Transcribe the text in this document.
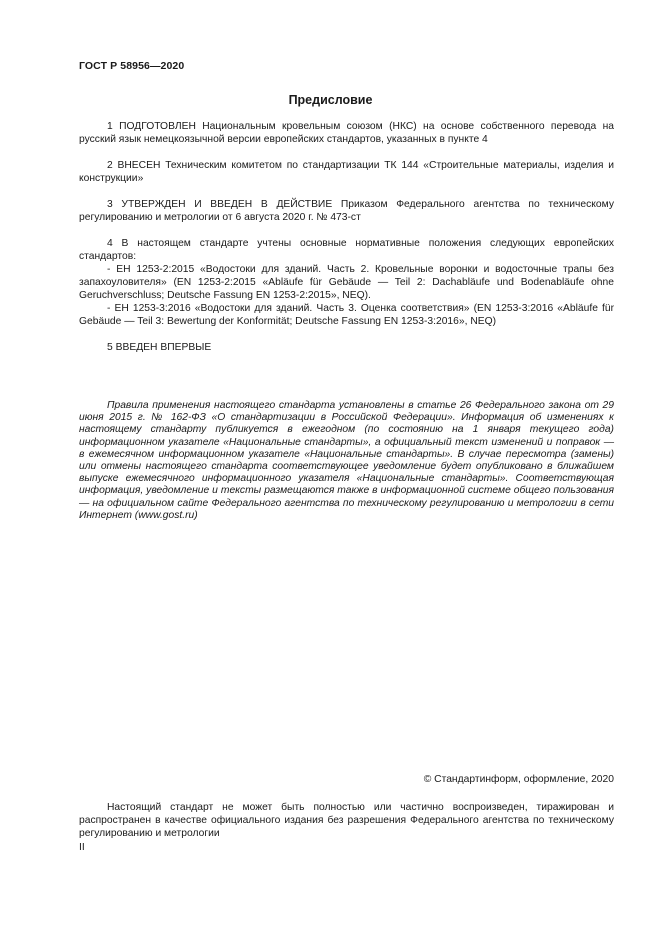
ГОСТ Р 58956—2020
Предисловие

1 ПОДГОТОВЛЕН Национальным кровельным союзом (НКС) на основе собственного перевода на русский язык немецкоязычной версии европейских стандартов, указанных в пункте 4

2 ВНЕСЕН Техническим комитетом по стандартизации ТК 144 «Строительные материалы, изделия и конструкции»

3 УТВЕРЖДЕН И ВВЕДЕН В ДЕЙСТВИЕ Приказом Федерального агентства по техническому регулированию и метрологии от 6 августа 2020 г. № 473-ст

4 В настоящем стандарте учтены основные нормативные положения следующих европейских стандартов:

- ЕН 1253-2:2015 «Водостоки для зданий. Часть 2. Кровельные воронки и водосточные трапы без запахоуловителя» (EN 1253-2:2015 «Abläufe für Gebäude — Teil 2: Dachabläufe und Bodenabläufe ohne Geruchverschluss; Deutsche Fassung EN 1253-2:2015», NEQ).

- ЕН 1253-3:2016 «Водостоки для зданий. Часть 3. Оценка соответствия» (EN 1253-3:2016 «Abläufe für Gebäude — Teil 3: Bewertung der Konformität; Deutsche Fassung EN 1253-3:2016», NEQ)

5 ВВЕДЕН ВПЕРВЫЕ

Правила применения настоящего стандарта установлены в статье 26 Федерального закона от 29 июня 2015 г. № 162-ФЗ «О стандартизации в Российской Федерации». Информация об изменениях к настоящему стандарту публикуется в ежегодном (по состоянию на 1 января текущего года) информационном указателе «Национальные стандарты», а официальный текст изменений и поправок — в ежемесячном информационном указателе «Национальные стандарты». В случае пересмотра (замены) или отмены настоящего стандарта соответствующее уведомление будет опубликовано в ближайшем выпуске ежемесячного информационного указателя «Национальные стандарты». Соответствующая информация, уведомление и тексты размещаются также в информационной системе общего пользования — на официальном сайте Федерального агентства по техническому регулированию и метрологии в сети Интернет (www.gost.ru)
© Стандартинформ, оформление, 2020
Настоящий стандарт не может быть полностью или частично воспроизведен, тиражирован и распространен в качестве официального издания без разрешения Федерального агентства по техническому регулированию и метрологии
II
